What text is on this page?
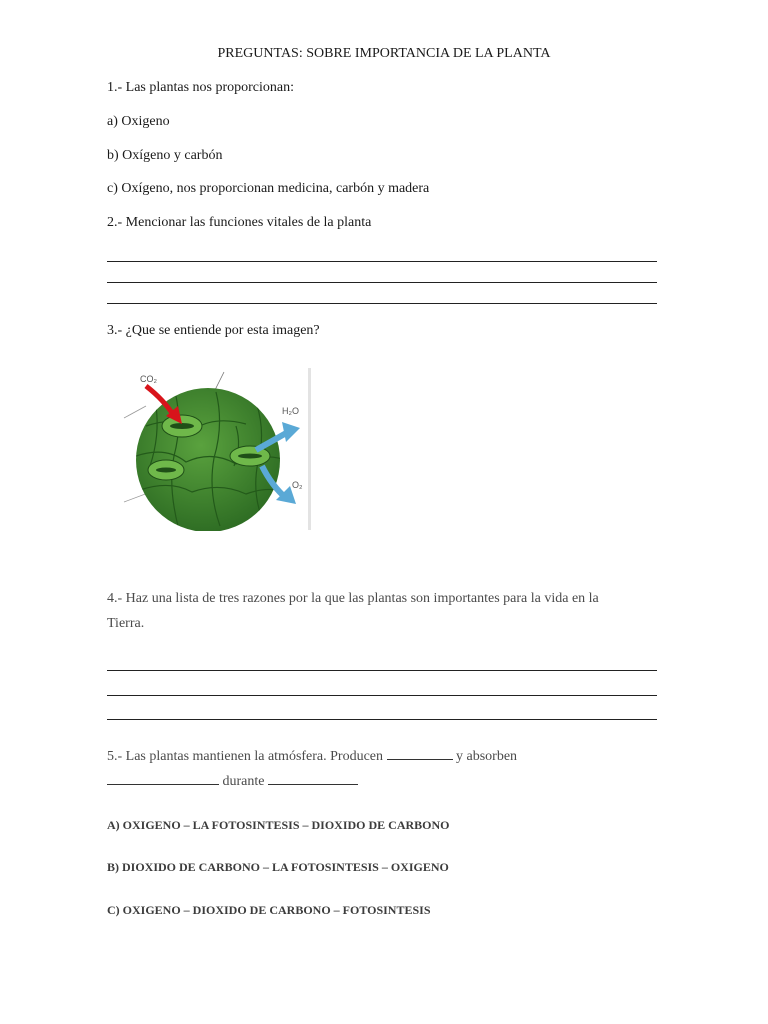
PREGUNTAS: SOBRE IMPORTANCIA DE LA PLANTA
1.- Las plantas nos proporcionan:
a) Oxigeno
b) Oxígeno y carbón
c) Oxígeno, nos proporcionan medicina, carbón y madera
2.- Mencionar las funciones vitales de la planta
3.- ¿Que se entiende por esta imagen?
CO₂
H₂O
O₂
4.- Haz una lista de tres razones por la que las plantas son importantes para la vida en la
Tierra.
5.- Las plantas mantienen la atmósfera. Producen	y absorben
durante
A) OXIGENO – LA FOTOSINTESIS – DIOXIDO DE CARBONO
B) DIOXIDO DE CARBONO – LA FOTOSINTESIS – OXIGENO
C) OXIGENO – DIOXIDO DE CARBONO – FOTOSINTESIS
